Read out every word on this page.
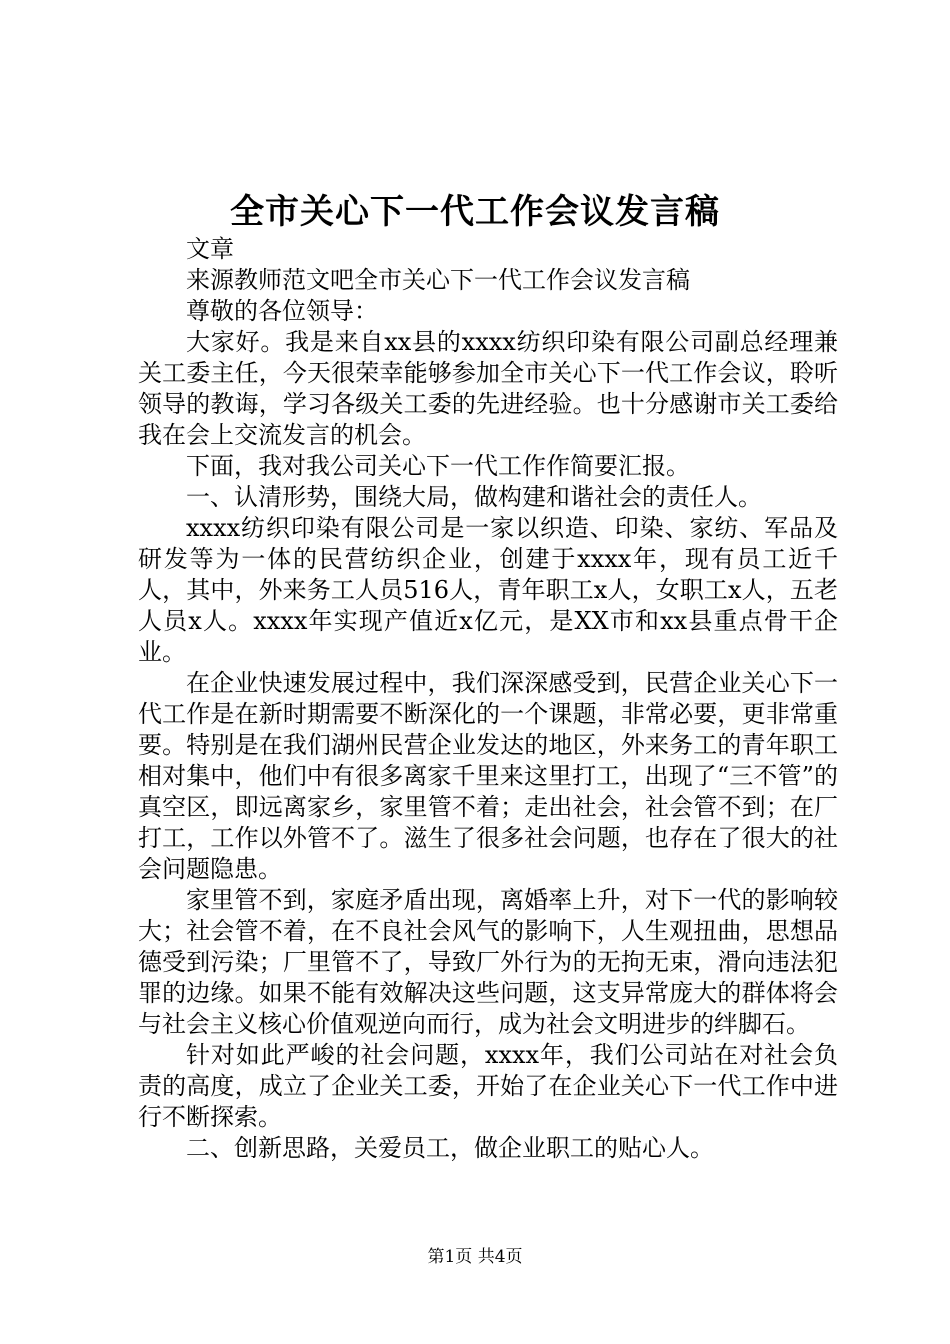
全市关心下一代工作会议发言稿

文章

来源教师范文吧全市关心下一代工作会议发言稿

尊敬的各位领导：

大家好。我是来自xx县的xxxx纺织印染有限公司副总经理兼关工委主任，今天很荣幸能够参加全市关心下一代工作会议，聆听领导的教诲，学习各级关工委的先进经验。也十分感谢市关工委给我在会上交流发言的机会。

下面，我对我公司关心下一代工作作简要汇报。

一、认清形势，围绕大局，做构建和谐社会的责任人。

xxxx纺织印染有限公司是一家以织造、印染、家纺、军品及研发等为一体的民营纺织企业，创建于xxxx年，现有员工近千人，其中，外来务工人员516人，青年职工x人，女职工x人，五老人员x人。xxxx年实现产值近x亿元，是XX市和xx县重点骨干企业。

在企业快速发展过程中，我们深深感受到，民营企业关心下一代工作是在新时期需要不断深化的一个课题，非常必要，更非常重要。特别是在我们湖州民营企业发达的地区，外来务工的青年职工相对集中，他们中有很多离家千里来这里打工，出现了“三不管”的真空区，即远离家乡，家里管不着；走出社会，社会管不到；在厂打工，工作以外管不了。滋生了很多社会问题，也存在了很大的社会问题隐患。

家里管不到，家庭矛盾出现，离婚率上升，对下一代的影响较大；社会管不着，在不良社会风气的影响下，人生观扭曲，思想品德受到污染；厂里管不了，导致厂外行为的无拘无束，滑向违法犯罪的边缘。如果不能有效解决这些问题，这支异常庞大的群体将会与社会主义核心价值观逆向而行，成为社会文明进步的绊脚石。

针对如此严峻的社会问题，xxxx年，我们公司站在对社会负责的高度，成立了企业关工委，开始了在企业关心下一代工作中进行不断探索。

二、创新思路，关爱员工，做企业职工的贴心人。

第1页 共4页
